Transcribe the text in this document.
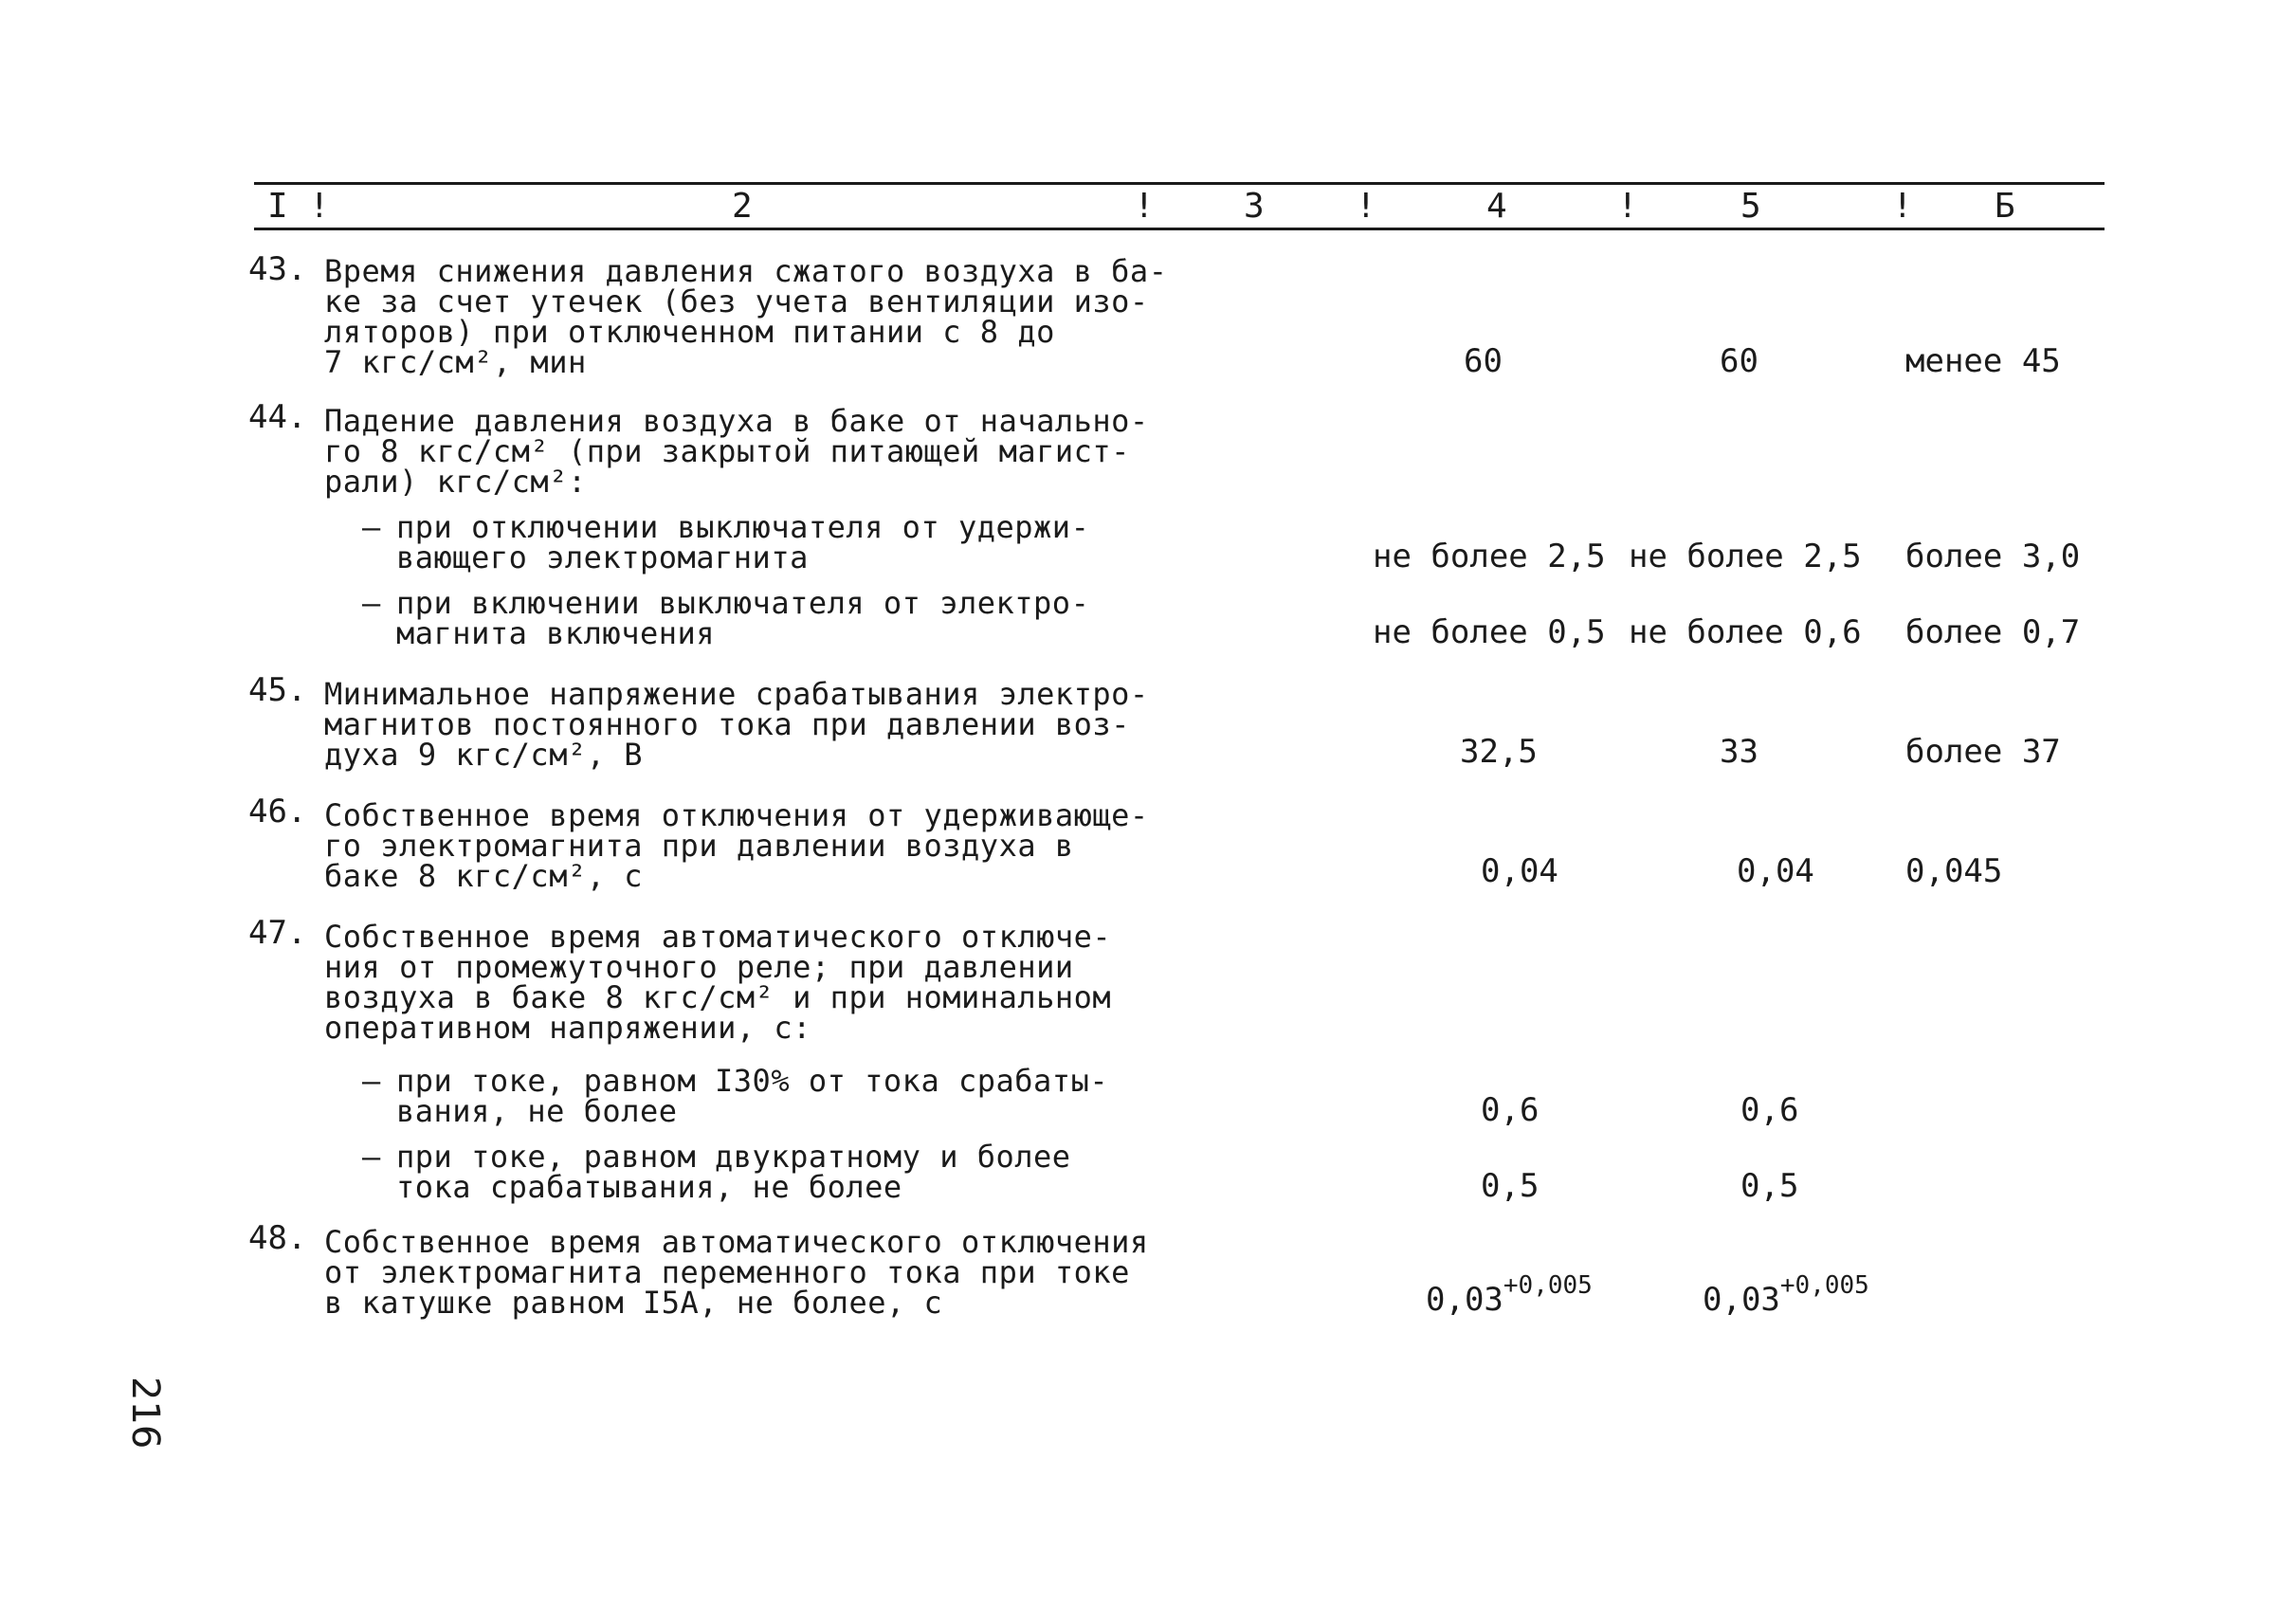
I !	2	!	3	!	4	!	5	! Б
43. Время снижения давления сжатого воздуха в ба-
ке за счет утечек (без учета вентиляции изо-
ляторов) при отключенном питании с 8 до
7 кгс/см², мин	60	60	менее 45
44. Падение давления воздуха в баке от начально-
го 8 кгс/см² (при закрытой питающей магист-
рали) кгс/см²:
– при отключении выключателя от удержи-
вающего электромагнита	не более 2,5 не более 2,5 более 3,0
– при включении выключателя от электро-
магнита включения	не более 0,5 не более 0,6 более 0,7
45. Минимальное напряжение срабатывания электро-
магнитов постоянного тока при давлении воз-
духа 9 кгс/см², В	32,5	33	более 37
46. Собственное время отключения от удерживающе-
го электромагнита при давлении воздуха в
баке 8 кгс/см², с	0,04	0,04	0,045
47. Собственное время автоматического отключе-
ния от промежуточного реле; при давлении
воздуха в баке 8 кгс/см² и при номинальном
оперативном напряжении, с:
– при токе, равном I30% от тока срабаты-
вания, не более	0,6	0,6
– при токе, равном двукратному и более
тока срабатывания, не более	0,5	0,5
48. Собственное время автоматического отключения
от электромагнита переменного тока при токе
в катушке равном I5А, не более, с	$0,03^{+0,005}$	$0,03^{+0,005}$
216
